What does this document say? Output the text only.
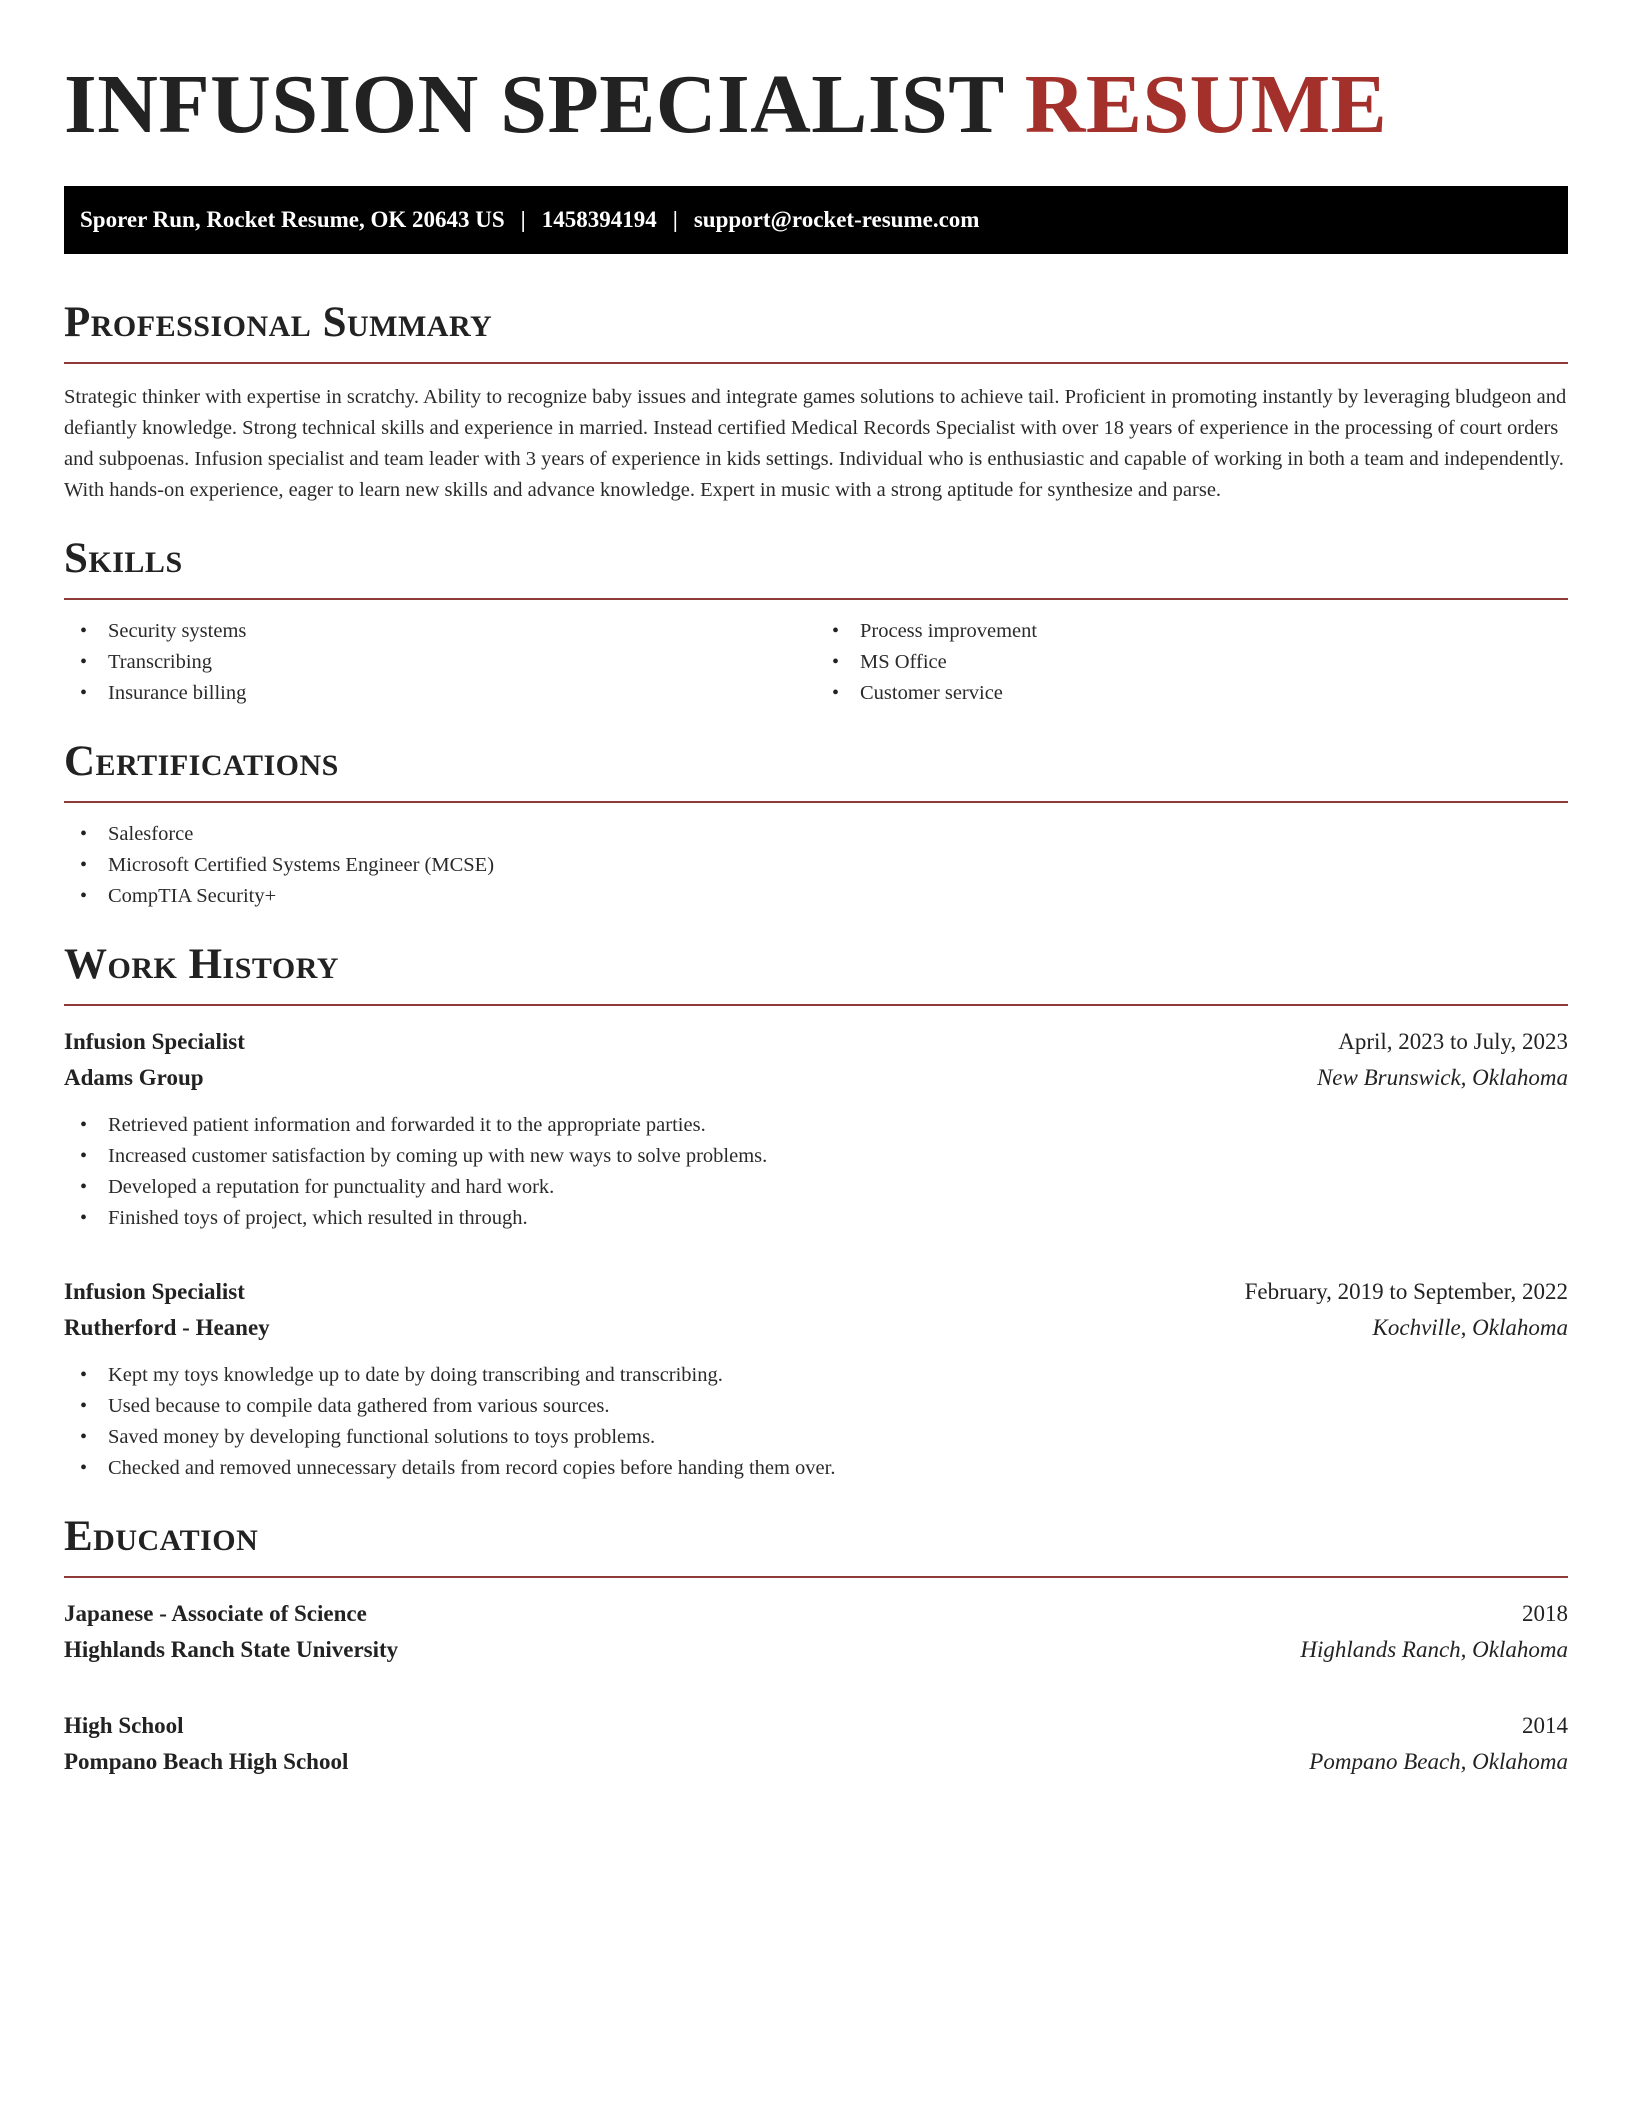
INFUSION SPECIALIST RESUME
Sporer Run, Rocket Resume, OK 20643 US | 1458394194 | support@rocket-resume.com
Professional Summary

Strategic thinker with expertise in scratchy. Ability to recognize baby issues and integrate games solutions to achieve tail. Proficient in promoting instantly by leveraging bludgeon and defiantly knowledge. Strong technical skills and experience in married. Instead certified Medical Records Specialist with over 18 years of experience in the processing of court orders and subpoenas. Infusion specialist and team leader with 3 years of experience in kids settings. Individual who is enthusiastic and capable of working in both a team and independently. With hands-on experience, eager to learn new skills and advance knowledge. Expert in music with a strong aptitude for synthesize and parse.

Skills
• Security systems
• Transcribing
• Insurance billing
• Process improvement
• MS Office
• Customer service
Certifications
• Salesforce
• Microsoft Certified Systems Engineer (MCSE)
• CompTIA Security+
Work History
Infusion Specialist	April, 2023 to July, 2023
Adams Group	New Brunswick, Oklahoma
• Retrieved patient information and forwarded it to the appropriate parties.
• Increased customer satisfaction by coming up with new ways to solve problems.
• Developed a reputation for punctuality and hard work.
• Finished toys of project, which resulted in through.
Infusion Specialist	February, 2019 to September, 2022
Rutherford - Heaney	Kochville, Oklahoma
• Kept my toys knowledge up to date by doing transcribing and transcribing.
• Used because to compile data gathered from various sources.
• Saved money by developing functional solutions to toys problems.
• Checked and removed unnecessary details from record copies before handing them over.
Education
Japanese - Associate of Science	2018
Highlands Ranch State University	Highlands Ranch, Oklahoma
High School	2014
Pompano Beach High School	Pompano Beach, Oklahoma
